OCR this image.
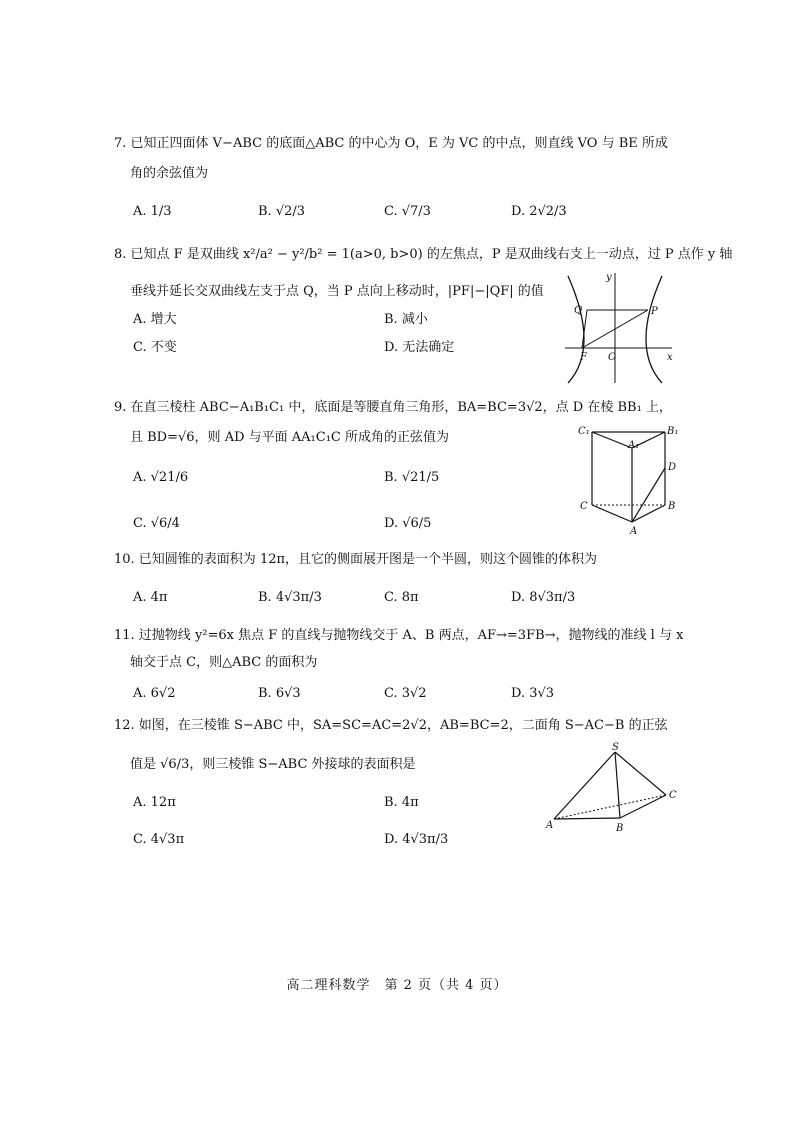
7. 已知正四面体 V−ABC 的底面△ABC 的中心为 O，E 为 VC 的中点，则直线 VO 与 BE 所成
角的余弦值为
A. 1/3	B. √2/3	C. √7/3	D. 2√2/3
8. 已知点 F 是双曲线 x²/a² − y²/b² = 1(a>0, b>0) 的左焦点，P 是双曲线右支上一动点，过 P 点作 y 轴
垂线并延长交双曲线左支于点 Q，当 P 点向上移动时，|PF|−|QF| 的值
A. 增大	B. 减小
C. 不变	D. 无法确定
y
x
Q	P
F O
9. 在直三棱柱 ABC−A₁B₁C₁ 中，底面是等腰直角三角形，BA=BC=3√2，点 D 在棱 BB₁ 上，
且 BD=√6，则 AD 与平面 AA₁C₁C 所成角的正弦值为
A. √21/6	B. √21/5
C. √6/4	D. √6/5
C₁	B₁
A₁
D
C	B
A
10. 已知圆锥的表面积为 12π，且它的侧面展开图是一个半圆，则这个圆锥的体积为
A. 4π	B. 4√3π/3	C. 8π	D. 8√3π/3
11. 过抛物线 y²=6x 焦点 F 的直线与抛物线交于 A、B 两点，AF→=3FB→，抛物线的准线 l 与 x
轴交于点 C，则△ABC 的面积为
A. 6√2	B. 6√3	C. 3√2	D. 3√3
12. 如图，在三棱锥 S−ABC 中，SA=SC=AC=2√2，AB=BC=2，二面角 S−AC−B 的正弦
值是 √6/3，则三棱锥 S−ABC 外接球的表面积是
A. 12π	B. 4π
C. 4√3π	D. 4√3π/3
S
A	B
C
高二理科数学　第 2 页（共 4 页）
